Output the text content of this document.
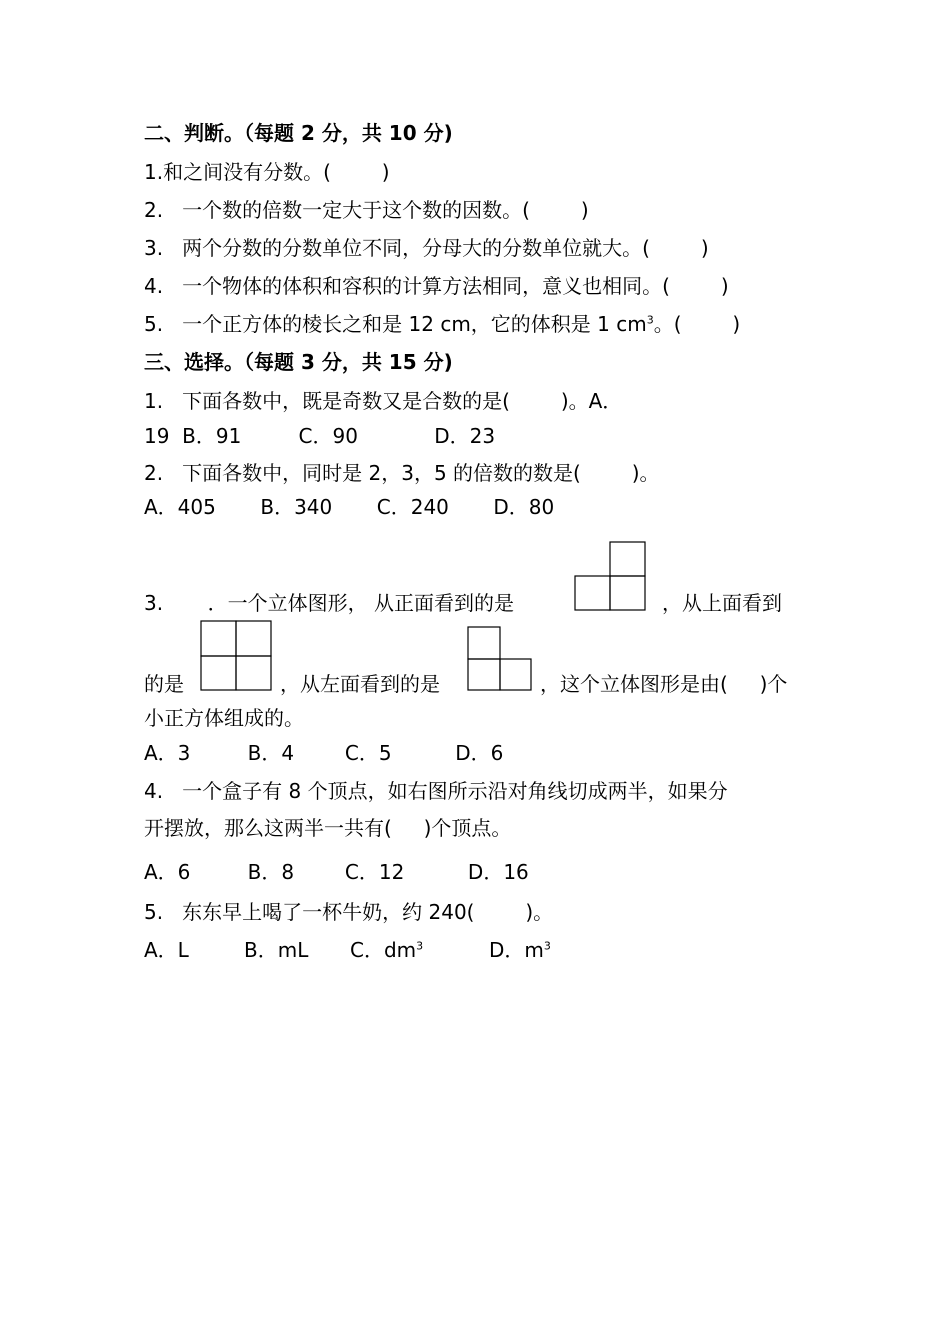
二、判断。（每题 2 分，共 10 分)
1.和之间没有分数。(        )
2.   一个数的倍数一定大于这个数的因数。(        )
3.   两个分数的分数单位不同，分母大的分数单位就大。(        )
4.   一个物体的体积和容积的计算方法相同，意义也相同。(        )
5.   一个正方体的棱长之和是 12 cm，它的体积是 1 $cm^3$。(        )
三、选择。（每题 3 分，共 15 分)
1.   下面各数中，既是奇数又是合数的是(        )。A．
19  B．91         C．90            D．23
2.   下面各数中，同时是 2，3，5 的倍数的数是(        )。
A．405       B．340       C．240       D．80
3.       ．一个立体图形， 从正面看到的是	，从上面看到
的是	，从左面看到的是	，这个立体图形是由(     )个
小正方体组成的。
A．3         B．4        C．5          D．6
4.   一个盒子有 8 个顶点，如右图所示沿对角线切成两半，如果分
开摆放，那么这两半一共有(     )个顶点。
A．6         B．8        C．12          D．16
5.   东东早上喝了一杯牛奶，约 240(        )。
A．L	B．mL C．$dm^3$	D．$m^3$
